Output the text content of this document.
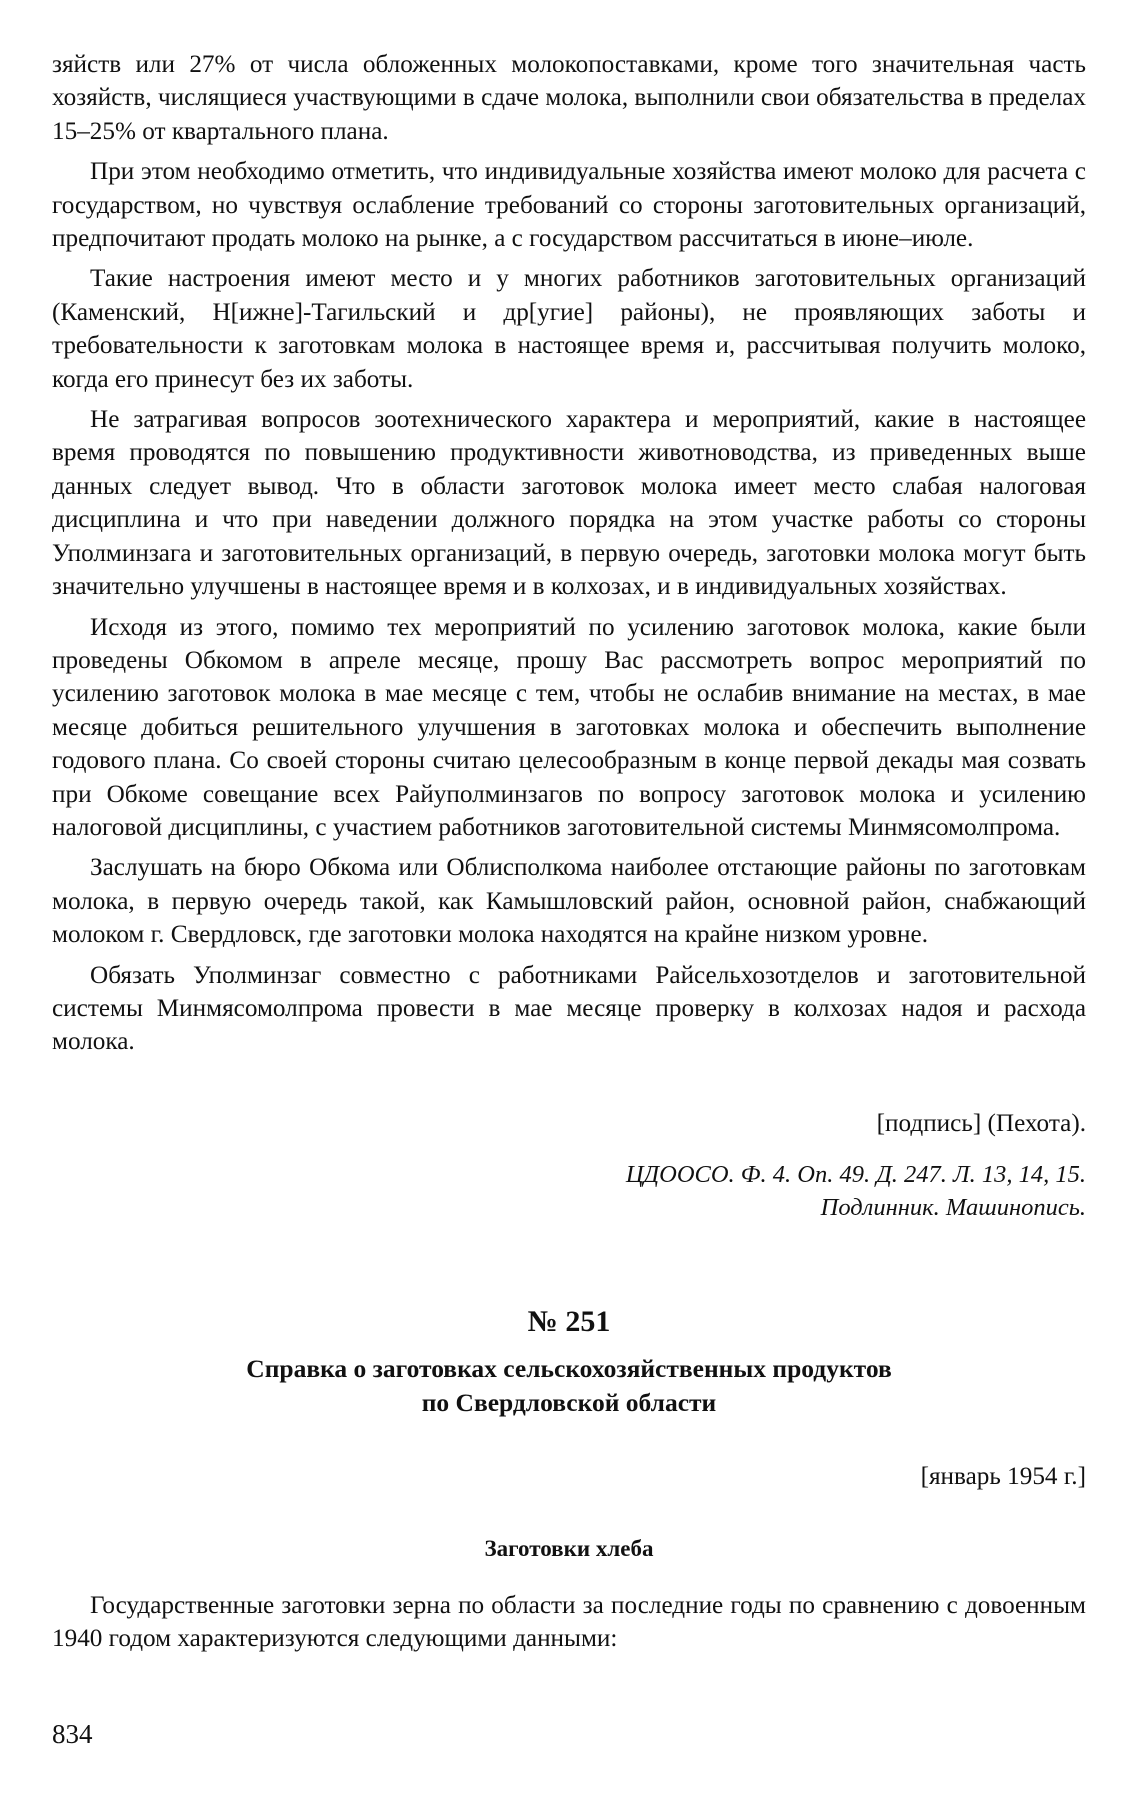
зяйств или 27% от числа обложенных молокопоставками, кроме того значительная часть хозяйств, числящиеся участвующими в сдаче молока, выполнили свои обязательства в пределах 15–25% от квартального плана.

При этом необходимо отметить, что индивидуальные хозяйства имеют молоко для расчета с государством, но чувствуя ослабление требований со стороны заготовительных организаций, предпочитают продать молоко на рынке, а с государством рассчитаться в июне–июле.

Такие настроения имеют место и у многих работников заготовительных организаций (Каменский, Н[ижне]-Тагильский и др[угие] районы), не проявляющих заботы и требовательности к заготовкам молока в настоящее время и, рассчитывая получить молоко, когда его принесут без их заботы.

Не затрагивая вопросов зоотехнического характера и мероприятий, какие в настоящее время проводятся по повышению продуктивности животноводства, из приведенных выше данных следует вывод. Что в области заготовок молока имеет место слабая налоговая дисциплина и что при наведении должного порядка на этом участке работы со стороны Уполминзага и заготовительных организаций, в первую очередь, заготовки молока могут быть значительно улучшены в настоящее время и в колхозах, и в индивидуальных хозяйствах.

Исходя из этого, помимо тех мероприятий по усилению заготовок молока, какие были проведены Обкомом в апреле месяце, прошу Вас рассмотреть вопрос мероприятий по усилению заготовок молока в мае месяце с тем, чтобы не ослабив внимание на местах, в мае месяце добиться решительного улучшения в заготовках молока и обеспечить выполнение годового плана. Со своей стороны считаю целесообразным в конце первой декады мая созвать при Обкоме совещание всех Райуполминзагов по вопросу заготовок молока и усилению налоговой дисциплины, с участием работников заготовительной системы Минмясомолпрома.

Заслушать на бюро Обкома или Облисполкома наиболее отстающие районы по заготовкам молока, в первую очередь такой, как Камышловский район, основной район, снабжающий молоком г. Свердловск, где заготовки молока находятся на крайне низком уровне.

Обязать Уполминзаг совместно с работниками Райсельхозотделов и заготовительной системы Минмясомолпрома провести в мае месяце проверку в колхозах надоя и расхода молока.

[подпись] (Пехота).

ЦДООСО. Ф. 4. Оп. 49. Д. 247. Л. 13, 14, 15.
Подлинник. Машинопись.

№ 251
Справка о заготовках сельскохозяйственных продуктов
по Свердловской области

[январь 1954 г.]

Заготовки хлеба

Государственные заготовки зерна по области за последние годы по сравнению с довоенным 1940 годом характеризуются следующими данными:

834
